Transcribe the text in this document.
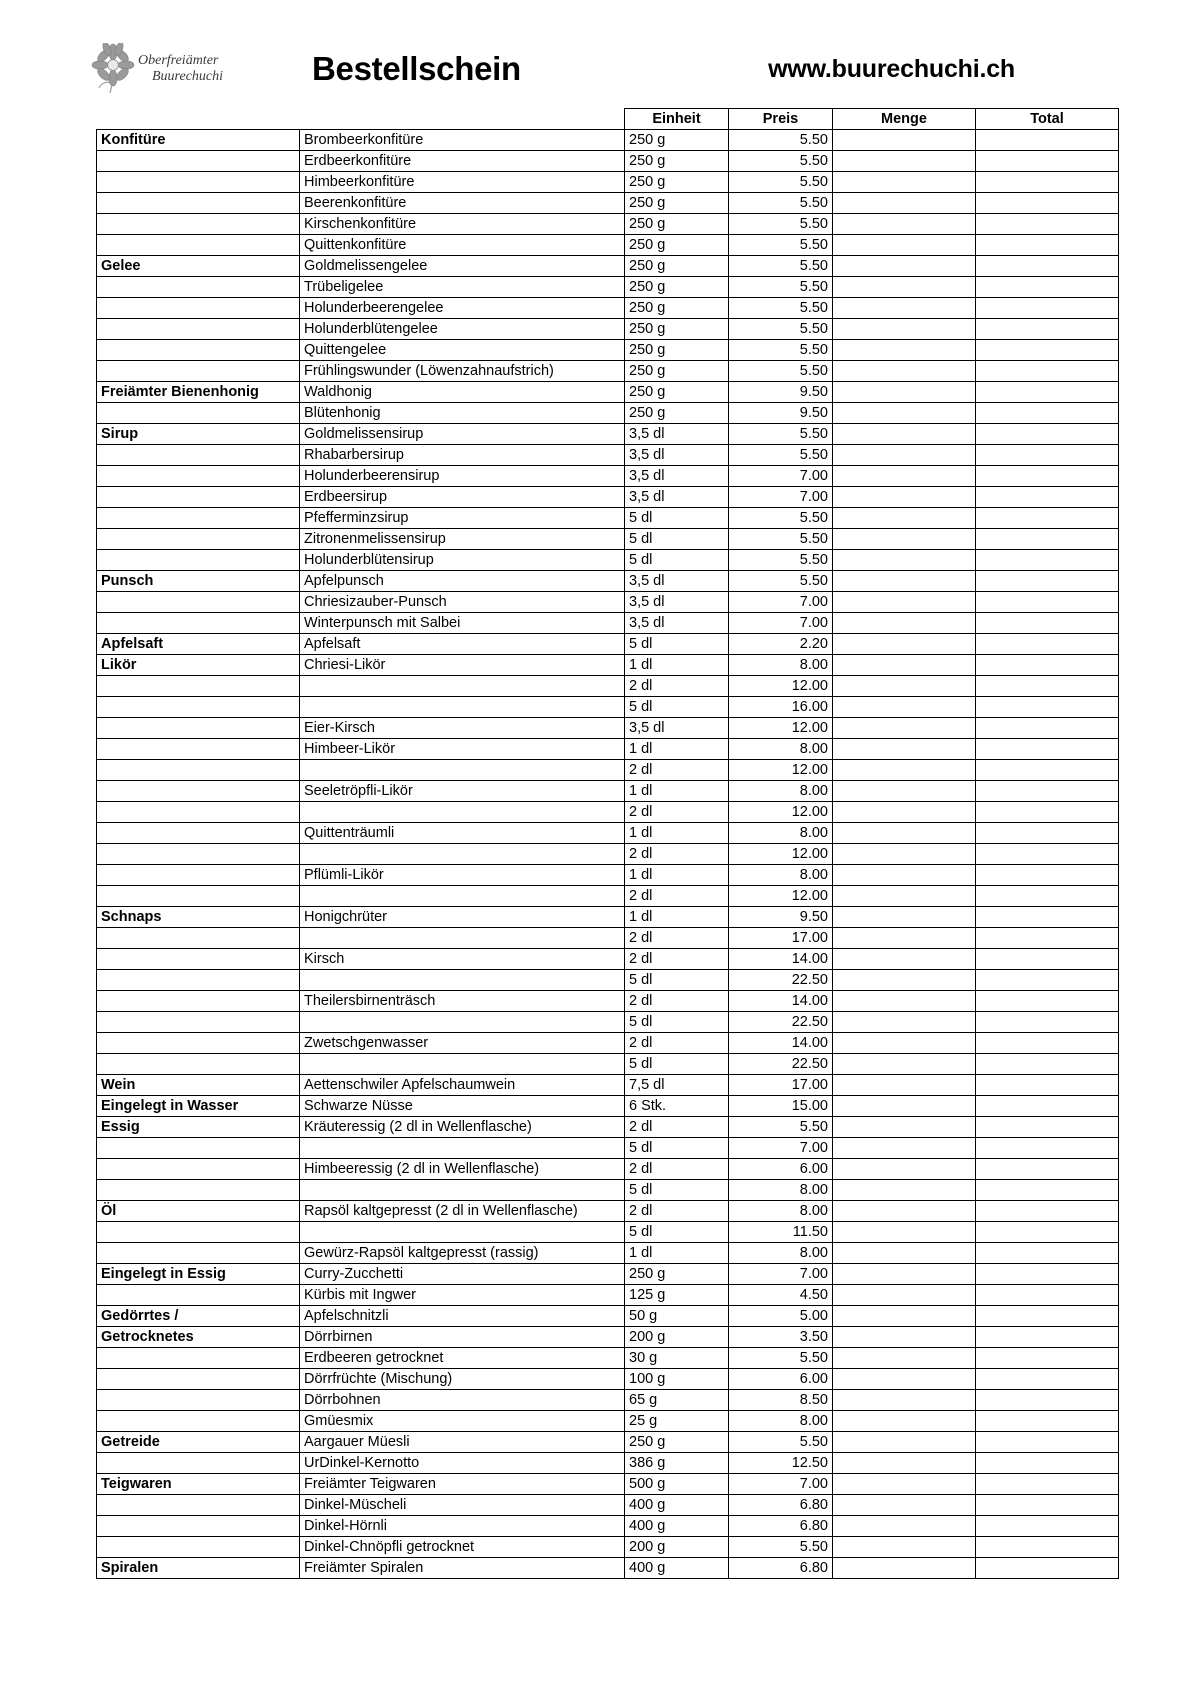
Oberfreiämter
Buurechuchi	Bestellschein	www.buurechuchi.ch
		Einheit	Preis	Menge	Total
Konfitüre	Brombeerkonfitüre	250 g	5.50		
	Erdbeerkonfitüre	250 g	5.50		
	Himbeerkonfitüre	250 g	5.50		
	Beerenkonfitüre	250 g	5.50		
	Kirschenkonfitüre	250 g	5.50		
	Quittenkonfitüre	250 g	5.50		
Gelee	Goldmelissengelee	250 g	5.50		
	Trübeligelee	250 g	5.50		
	Holunderbeerengelee	250 g	5.50		
	Holunderblütengelee	250 g	5.50		
	Quittengelee	250 g	5.50		
	Frühlingswunder (Löwenzahnaufstrich)	250 g	5.50		
Freiämter Bienenhonig	Waldhonig	250 g	9.50		
	Blütenhonig	250 g	9.50		
Sirup	Goldmelissensirup	3,5 dl	5.50		
	Rhabarbersirup	3,5 dl	5.50		
	Holunderbeerensirup	3,5 dl	7.00		
	Erdbeersirup	3,5 dl	7.00		
	Pfefferminzsirup	5 dl	5.50		
	Zitronenmelissensirup	5 dl	5.50		
	Holunderblütensirup	5 dl	5.50		
Punsch	Apfelpunsch	3,5 dl	5.50		
	Chriesizauber-Punsch	3,5 dl	7.00		
	Winterpunsch mit Salbei	3,5 dl	7.00		
Apfelsaft	Apfelsaft	5 dl	2.20		
Likör	Chriesi-Likör	1 dl	8.00		
		2 dl	12.00		
		5 dl	16.00		
	Eier-Kirsch	3,5 dl	12.00		
	Himbeer-Likör	1 dl	8.00		
		2 dl	12.00		
	Seeletröpfli-Likör	1 dl	8.00		
		2 dl	12.00		
	Quittenträumli	1 dl	8.00		
		2 dl	12.00		
	Pflümli-Likör	1 dl	8.00		
		2 dl	12.00		
Schnaps	Honigchrüter	1 dl	9.50		
		2 dl	17.00		
	Kirsch	2 dl	14.00		
		5 dl	22.50		
	Theilersbirnenträsch	2 dl	14.00		
		5 dl	22.50		
	Zwetschgenwasser	2 dl	14.00		
		5 dl	22.50		
Wein	Aettenschwiler Apfelschaumwein	7,5 dl	17.00		
Eingelegt in Wasser	Schwarze Nüsse	6 Stk.	15.00		
Essig	Kräuteressig (2 dl in Wellenflasche)	2 dl	5.50		
		5 dl	7.00		
	Himbeeressig (2 dl in Wellenflasche)	2 dl	6.00		
		5 dl	8.00		
Öl	Rapsöl kaltgepresst (2 dl in Wellenflasche)	2 dl	8.00		
		5 dl	11.50		
	Gewürz-Rapsöl kaltgepresst (rassig)	1 dl	8.00		
Eingelegt in Essig	Curry-Zucchetti	250 g	7.00		
	Kürbis mit Ingwer	125 g	4.50		
Gedörrtes /	Apfelschnitzli	50 g	5.00		
Getrocknetes	Dörrbirnen	200 g	3.50		
	Erdbeeren getrocknet	30 g	5.50		
	Dörrfrüchte (Mischung)	100 g	6.00		
	Dörrbohnen	65 g	8.50		
	Gmüesmix	25 g	8.00		
Getreide	Aargauer Müesli	250 g	5.50		
	UrDinkel-Kernotto	386 g	12.50		
Teigwaren	Freiämter Teigwaren	500 g	7.00		
	Dinkel-Müscheli	400 g	6.80		
	Dinkel-Hörnli	400 g	6.80		
	Dinkel-Chnöpfli getrocknet	200 g	5.50		
Spiralen	Freiämter Spiralen	400 g	6.80		
